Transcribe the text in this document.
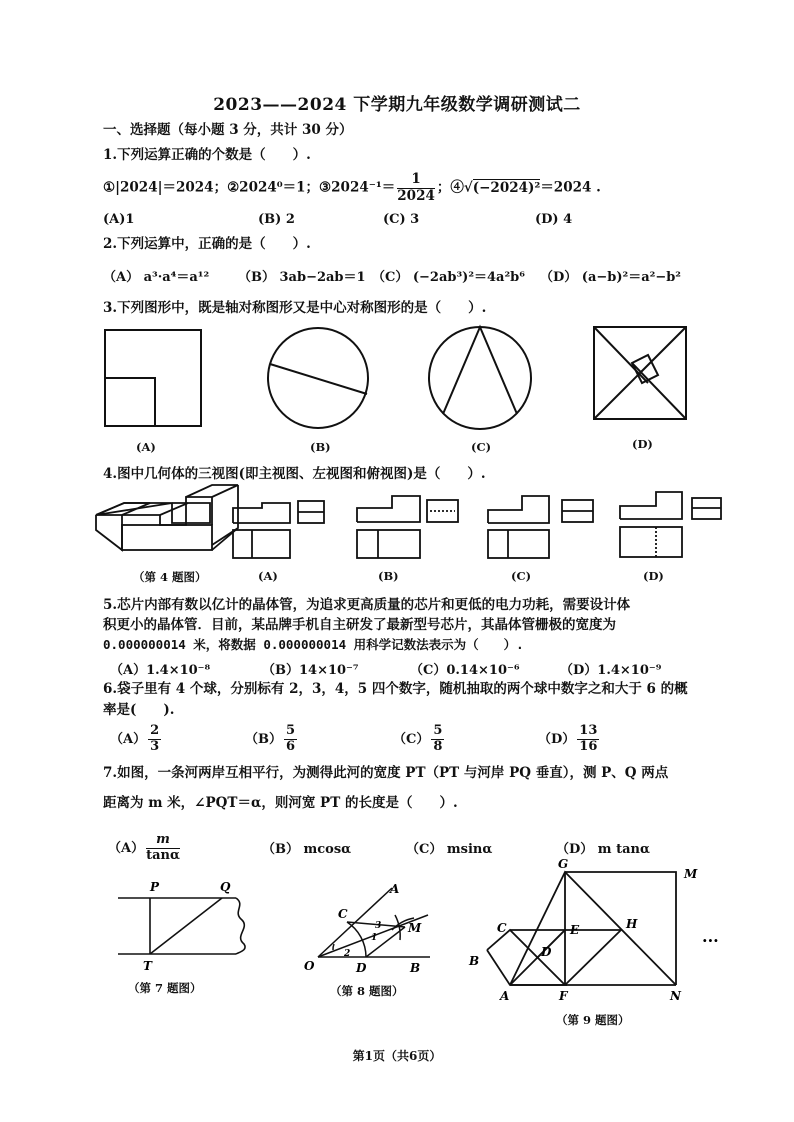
2023——2024 下学期九年级数学调研测试二
一、选择题（每小题 3 分，共计 30 分）
1.下列运算正确的个数是（　　）.
①|2024|＝2024；②2024⁰＝1；③2024⁻¹＝ $\frac{1}{2024}$ ；④√(−2024)²＝2024 .
(A)1	(B) 2	(C) 3	(D) 4
2.下列运算中，正确的是（　　）.
（A） a³·a⁴＝a¹² （B） 3ab−2ab＝1 （C） (−2ab³)²＝4a²b⁶ （D） (a−b)²＝a²−b²
3.下列图形中，既是轴对称图形又是中心对称图形的是（　　）.
(A)	(B)	(C)	(D)
4.图中几何体的三视图(即主视图、左视图和俯视图)是（　　）.
（第 4 题图）	(A)	(B)	(C)	(D)
5.芯片内部有数以亿计的晶体管，为追求更高质量的芯片和更低的电力功耗，需要设计体
积更小的晶体管．目前，某品牌手机自主研发了最新型号芯片，其晶体管栅极的宽度为
0.000000014 米，将数据 0.000000014 用科学记数法表示为（　　）.
（A）1.4×10⁻⁸	（B）14×10⁻⁷	（C）0.14×10⁻⁶	（D）1.4×10⁻⁹
6.袋子里有 4 个球，分别标有 2，3，4，5 四个数字，随机抽取的两个球中数字之和大于 6 的概
率是(　　).
$(A) \frac{2}{3}$	$(B) \frac{5}{6}$	$(C) \frac{5}{8}$	$(D) \frac{13}{16}$
7.如图，一条河两岸互相平行，为测得此河的宽度 PT（PT 与河岸 PQ 垂直），测 P、Q 两点
距离为 m 米，∠PQT＝α，则河宽 PT 的长度是（　　）.
$(A) \frac{m}{\tan\alpha}$	（B） mcosα	（C） msinα	（D） m tanα
P	Q
T	O
A
B
C
D
M
1
2
3
G
M
C	E	H
B
D
A	F	N
···
（第 7 题图）	（第 8 题图）
（第 9 题图）
第1页（共6页）
